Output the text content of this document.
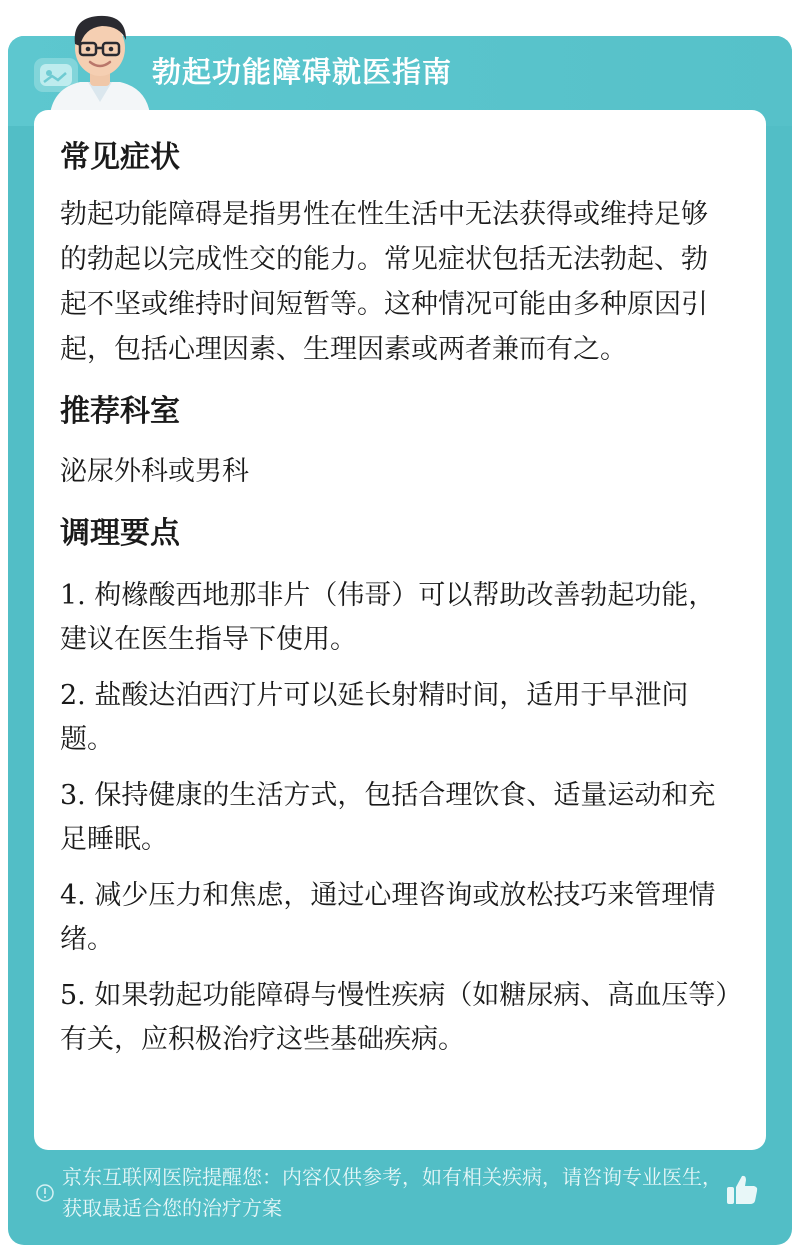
勃起功能障碍就医指南
常见症状

勃起功能障碍是指男性在性生活中无法获得或维持足够的勃起以完成性交的能力。常见症状包括无法勃起、勃起不坚或维持时间短暂等。这种情况可能由多种原因引起，包括心理因素、生理因素或两者兼而有之。

推荐科室

泌尿外科或男科

调理要点
1. 枸橼酸西地那非片（伟哥）可以帮助改善勃起功能，建议在医生指导下使用。
2. 盐酸达泊西汀片可以延长射精时间，适用于早泄问题。
3. 保持健康的生活方式，包括合理饮食、适量运动和充足睡眠。
4. 减少压力和焦虑，通过心理咨询或放松技巧来管理情绪。
5. 如果勃起功能障碍与慢性疾病（如糖尿病、高血压等）有关，应积极治疗这些基础疾病。
京东互联网医院提醒您：内容仅供参考，如有相关疾病，请咨询专业医生，获取最适合您的治疗方案
